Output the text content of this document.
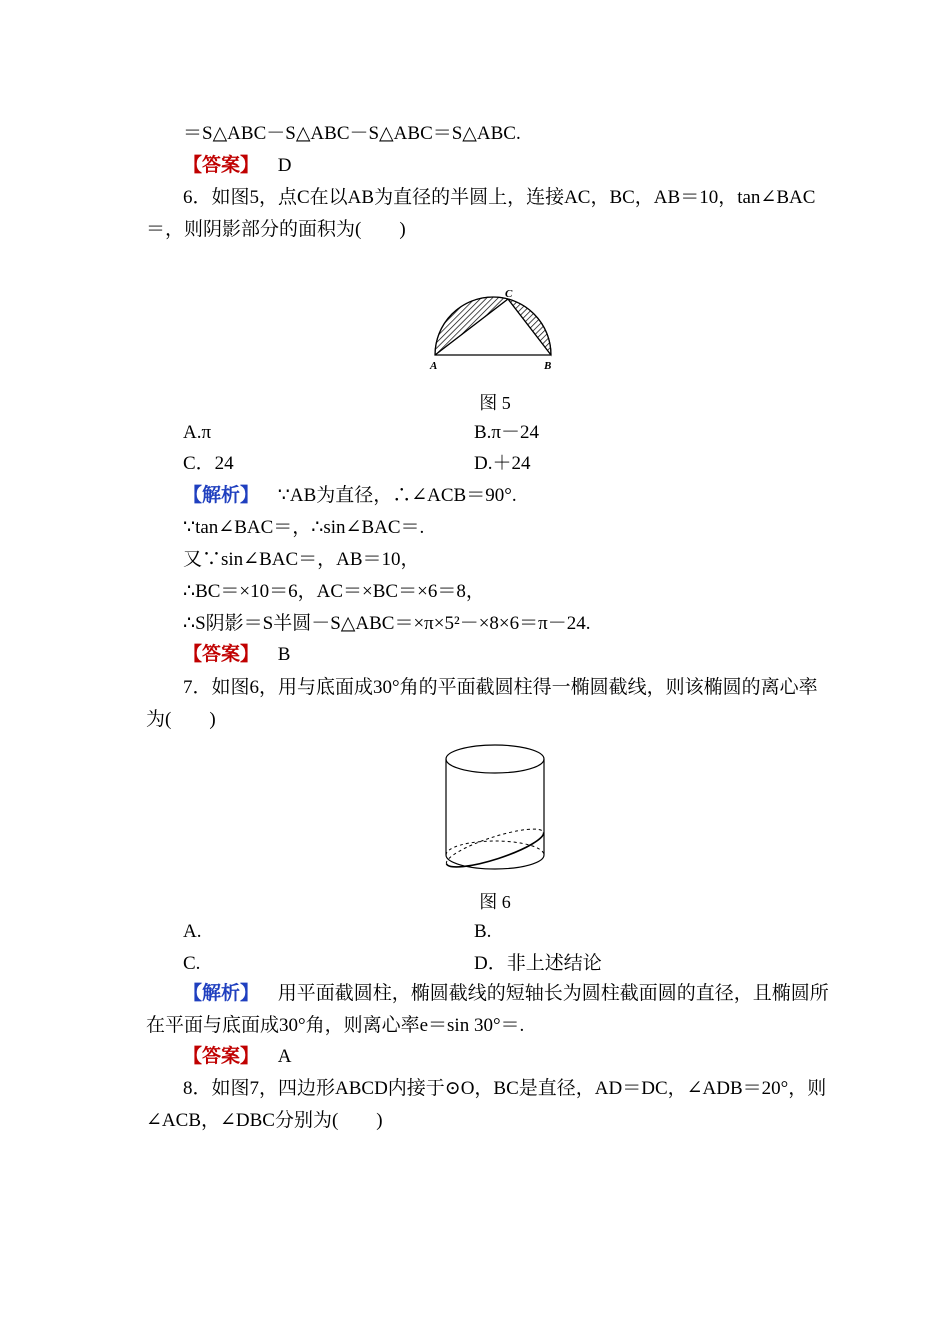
＝S△ABC－S△ABC－S△ABC＝S△ABC.
【答案】 D
6．如图5，点C在以AB为直径的半圆上，连接AC，BC，AB＝10，tan∠BAC
＝，则阴影部分的面积为(　　)
A	B
C
图 5
A.π	B.π－24
C．24	D.＋24
【解析】 ∵AB为直径，∴∠ACB＝90°.
∵tan∠BAC＝，∴sin∠BAC＝.
又∵sin∠BAC＝，AB＝10，
∴BC＝×10＝6，AC＝×BC＝×6＝8，
∴S阴影＝S半圆－S△ABC＝×π×5²－×8×6＝π－24.
【答案】 B
7．如图6，用与底面成30°角的平面截圆柱得一椭圆截线，则该椭圆的离心率
为(　　)
图 6
A.	B.
C.	D．非上述结论
【解析】 用平面截圆柱，椭圆截线的短轴长为圆柱截面圆的直径，且椭圆所
在平面与底面成30°角，则离心率e＝sin 30°＝.
【答案】 A
8．如图7，四边形ABCD内接于⊙O，BC是直径，AD＝DC，∠ADB＝20°，则
∠ACB，∠DBC分别为(　　)
